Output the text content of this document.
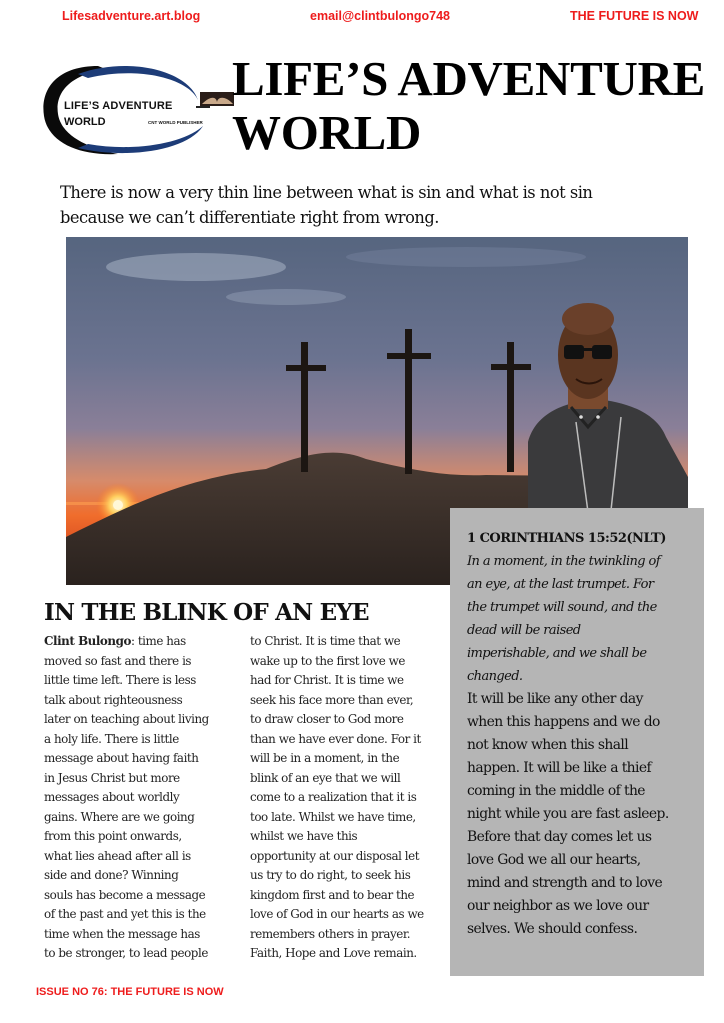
Lifesadventure.art.blog	email@clintbulongo748	THE FUTURE IS NOW
LIFE’S ADVENTURE
WORLD	CNT WORLD PUBLISHER
LIFE’S ADVENTURE
WORLD
There is now a very thin line between what is sin and what is not sin
because we can’t differentiate right from wrong.
IN THE BLINK OF AN EYE
Clint Bulongo: time has
moved so fast and there is
little time left. There is less
talk about righteousness
later on teaching about living
a holy life. There is little
message about having faith
in Jesus Christ but more
messages about worldly
gains. Where are we going
from this point onwards,
what lies ahead after all is
side and done? Winning
souls has become a message
of the past and yet this is the
time when the message has
to be stronger, to lead people
to Christ. It is time that we
wake up to the first love we
had for Christ. It is time we
seek his face more than ever,
to draw closer to God more
than we have ever done. For it
will be in a moment, in the
blink of an eye that we will
come to a realization that it is
too late. Whilst we have time,
whilst we have this
opportunity at our disposal let
us try to do right, to seek his
kingdom first and to bear the
love of God in our hearts as we
remembers others in prayer.
Faith, Hope and Love remain.
1 CORINTHIANS 15:52(NLT)
In a moment, in the twinkling of
an eye, at the last trumpet. For
the trumpet will sound, and the
dead will be raised
imperishable, and we shall be
changed.
It will be like any other day
when this happens and we do
not know when this shall
happen. It will be like a thief
coming in the middle of the
night while you are fast asleep.
Before that day comes let us
love God we all our hearts,
mind and strength and to love
our neighbor as we love our
selves. We should confess.
ISSUE NO 76: THE FUTURE IS NOW
